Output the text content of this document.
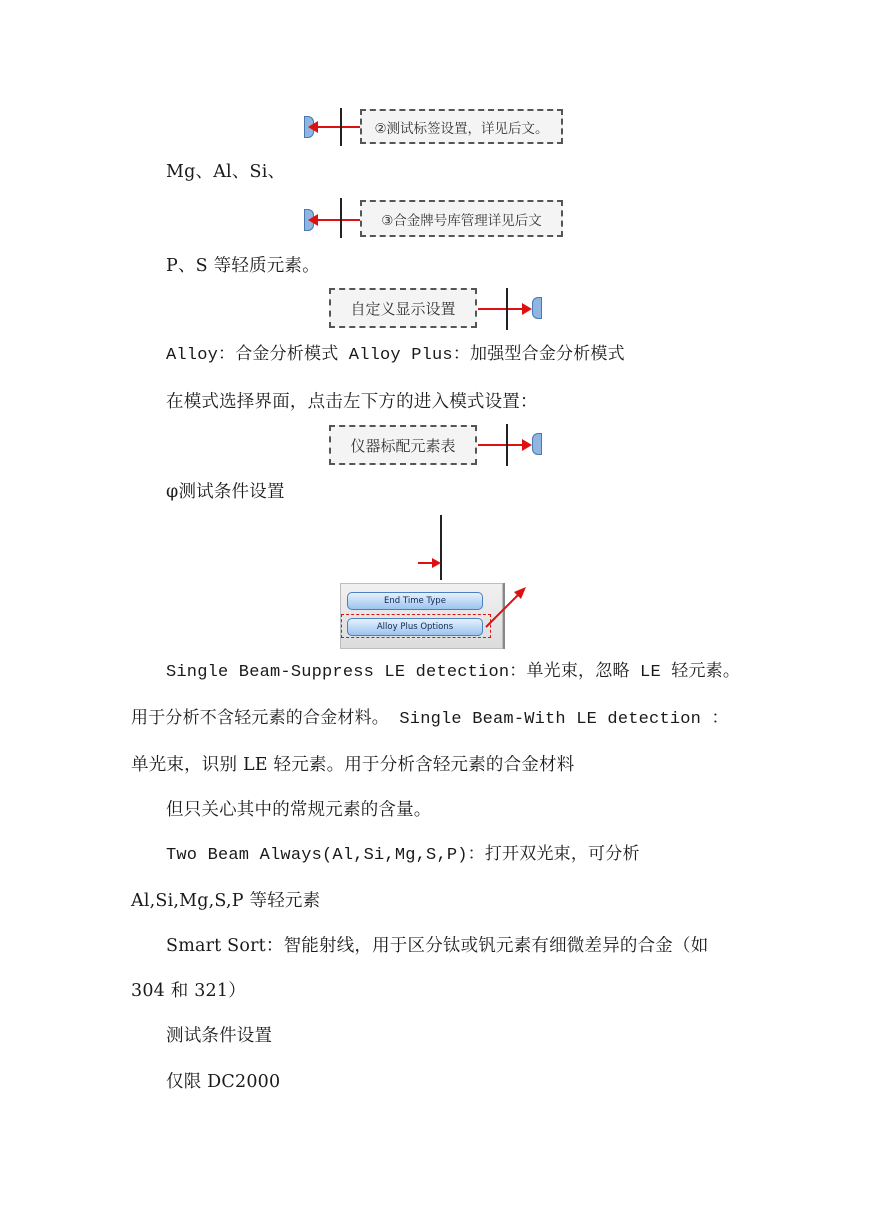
②测试标签设置，详见后文。
Mg、Al、Si、
③合金牌号库管理详见后文
P、S 等轻质元素。
自定义显示设置
Alloy：合金分析模式 Alloy Plus：加强型合金分析模式
在模式选择界面，点击左下方的进入模式设置：
仪器标配元素表
φ测试条件设置
End Time Type
Alloy Plus Options
Single Beam-Suppress LE detection：单光束，忽略 LE 轻元素。
用于分析不含轻元素的合金材料。 Single Beam-With LE detection ：
单光束，识别 LE 轻元素。用于分析含轻元素的合金材料
但只关心其中的常规元素的含量。
Two Beam Always(Al,Si,Mg,S,P)：打开双光束，可分析
Al,Si,Mg,S,P 等轻元素
Smart Sort：智能射线，用于区分钛或钒元素有细微差异的合金（如
304 和 321）
测试条件设置
仅限 DC2000
